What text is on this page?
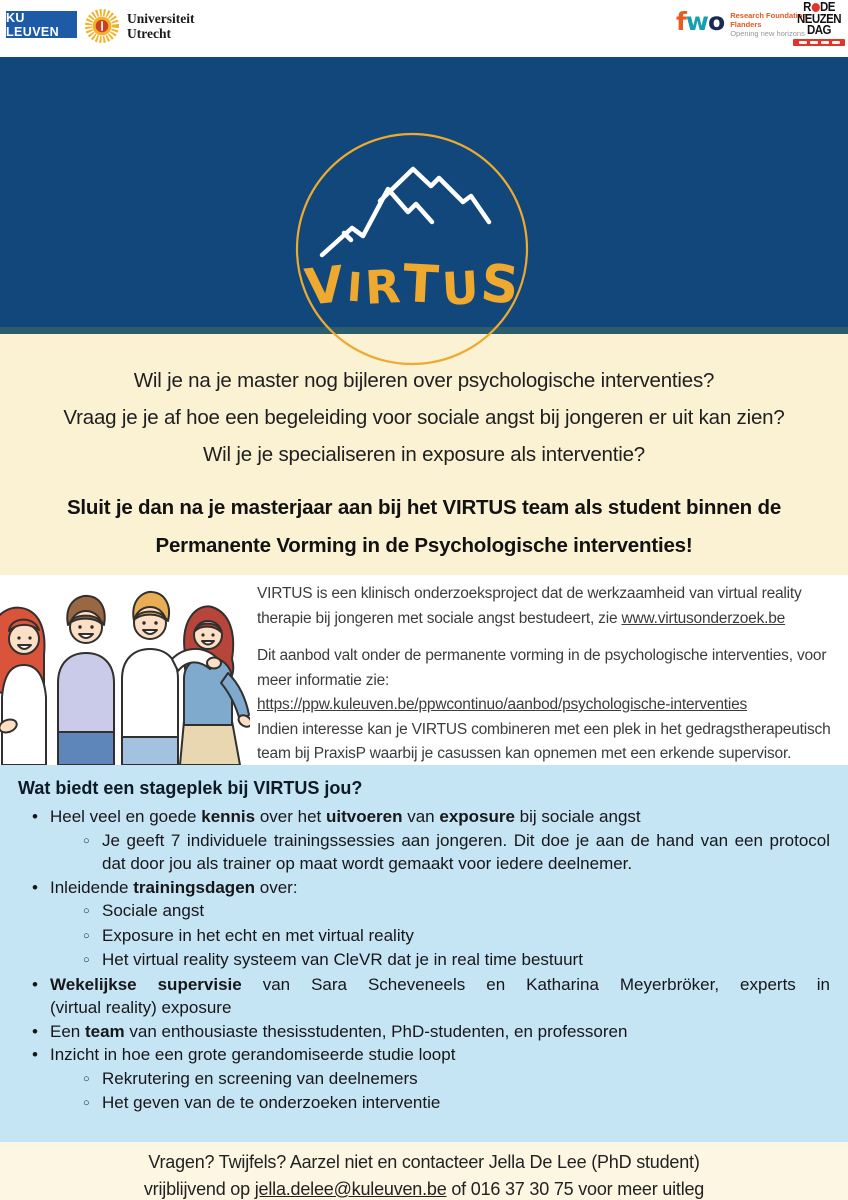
KU LEUVEN
Universiteit
Utrecht	fwo Research Foundation
Flanders
Opening new horizons
R DE
NEUZEN
DAG
V
I R T U
S
Wil je na je master nog bijleren over psychologische interventies?
Vraag je je af hoe een begeleiding voor sociale angst bij jongeren er uit kan zien?
Wil je je specialiseren in exposure als interventie?
Sluit je dan na je masterjaar aan bij het VIRTUS team als student binnen de
Permanente Vorming in de Psychologische interventies!

VIRTUS is een klinisch onderzoeksproject dat de werkzaamheid van virtual reality therapie bij jongeren met sociale angst bestudeert, zie www.virtusonderzoek.be

Dit aanbod valt onder de permanente vorming in de psychologische interventies, voor meer informatie zie:
https://ppw.kuleuven.be/ppwcontinuo/aanbod/psychologische-interventies
Indien interesse kan je VIRTUS combineren met een plek in het gedragstherapeutisch team bij PraxisP waarbij je casussen kan opnemen met een erkende supervisor.

Wat biedt een stageplek bij VIRTUS jou?
• Heel veel en goede kennis over het uitvoeren van exposure bij sociale angst
○ Je geeft 7 individuele trainingssessies aan jongeren. Dit doe je aan de hand van een protocol dat door jou als trainer op maat wordt gemaakt voor iedere deelnemer.
• Inleidende trainingsdagen over:
○ Sociale angst
○ Exposure in het echt en met virtual reality
○ Het virtual reality systeem van CleVR dat je in real time bestuurt
• Wekelijkse supervisie van Sara Scheveneels en Katharina Meyerbröker, experts in
(virtual reality) exposure
• Een team van enthousiaste thesisstudenten, PhD-studenten, en professoren
• Inzicht in hoe een grote gerandomiseerde studie loopt
○ Rekrutering en screening van deelnemers
○ Het geven van de te onderzoeken interventie
Vragen? Twijfels? Aarzel niet en contacteer Jella De Lee (PhD student)
vrijblijvend op jella.delee@kuleuven.be of 016 37 30 75 voor meer uitleg
